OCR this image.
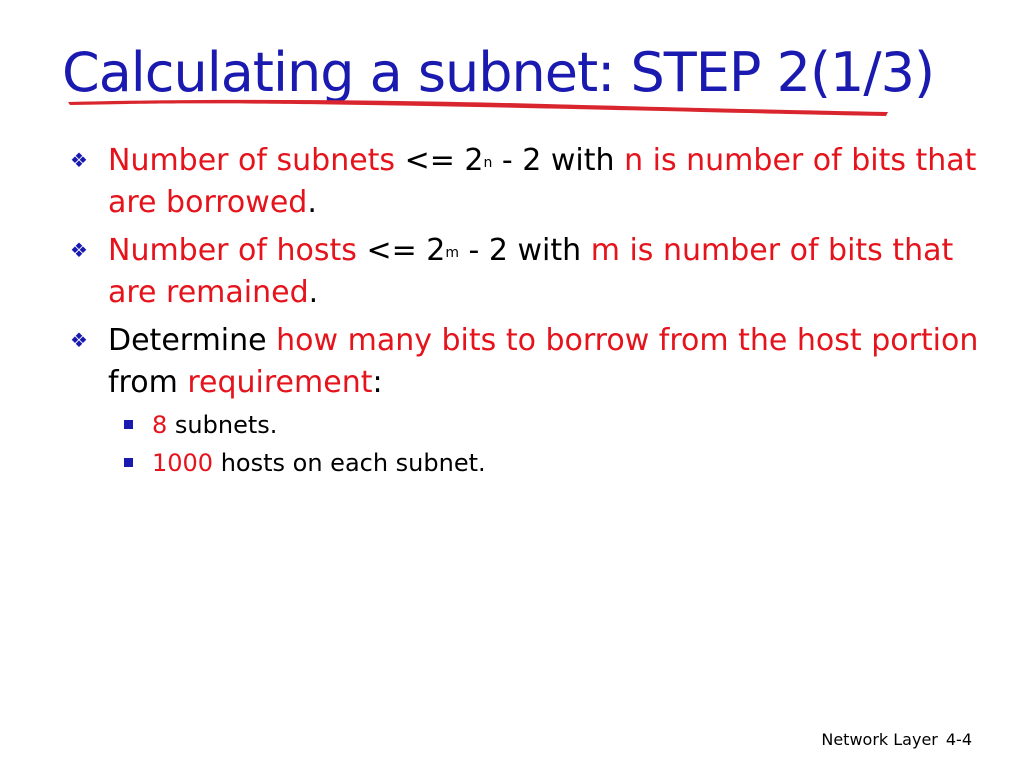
Calculating a subnet: STEP 2(1/3)
❖ Number of subnets <= $2^n - 2$ with n is number of bits that are borrowed.
❖ Number of hosts <= $2^m - 2$ with m is number of bits that are remained.
❖ Determine how many bits to borrow from the host portion from requirement:
8 subnets.
1000 hosts on each subnet.
Network Layer 4-4
